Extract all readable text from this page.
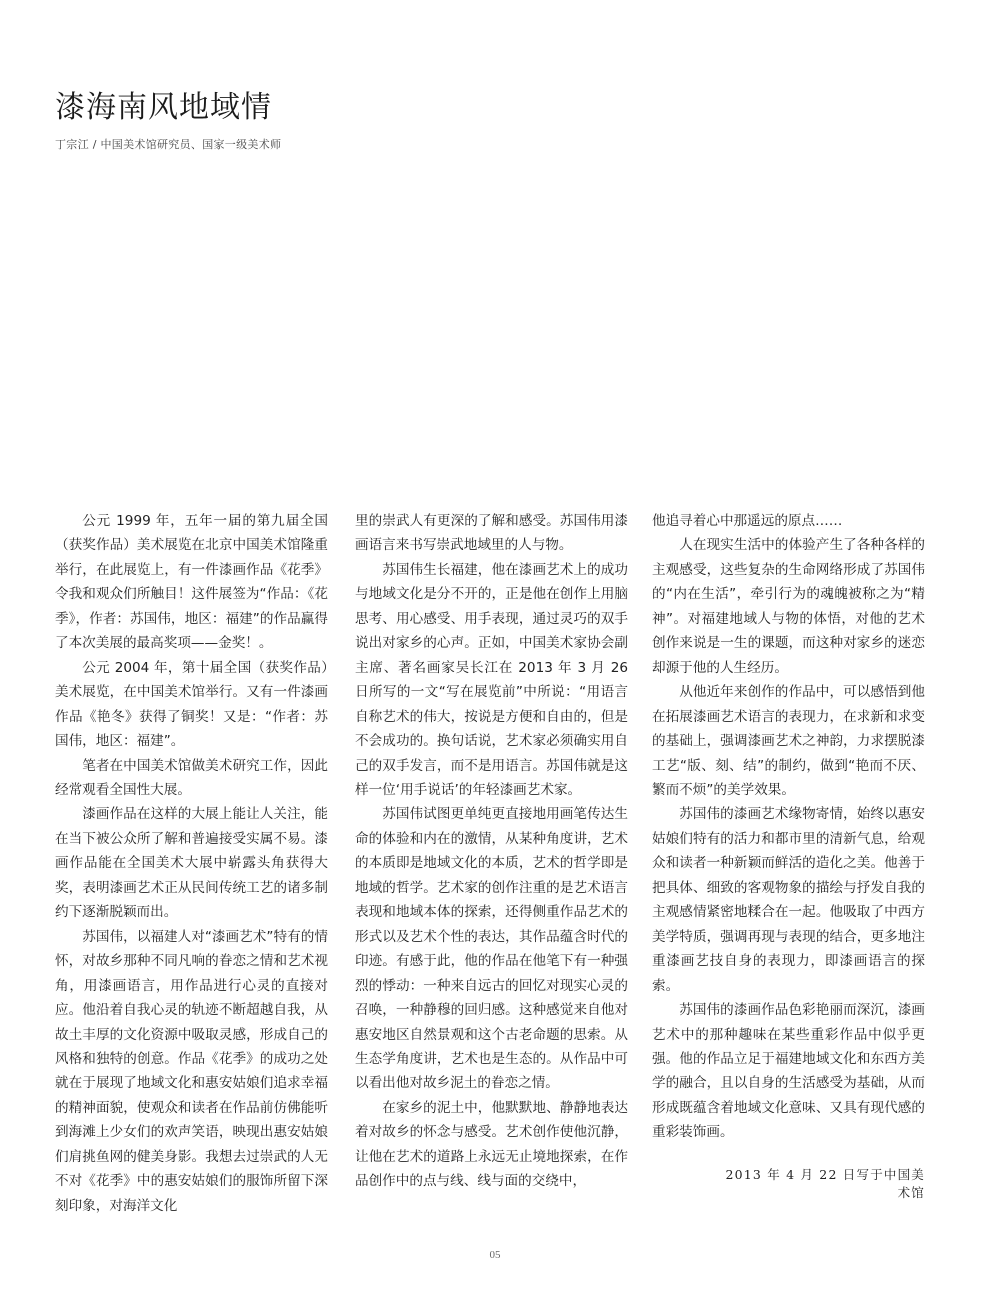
漆海南风地域情

丁宗江 / 中国美术馆研究员、国家一级美术师

公元 1999 年，五年一届的第九届全国（获奖作品）美术展览在北京中国美术馆隆重举行，在此展览上，有一件漆画作品《花季》令我和观众们所触目！这件展签为“作品：《花季》，作者：苏国伟，地区：福建”的作品赢得了本次美展的最高奖项——金奖！。

公元 2004 年，第十届全国（获奖作品）美术展览，在中国美术馆举行。又有一件漆画作品《艳冬》获得了铜奖！又是：“作者：苏国伟，地区：福建”。

笔者在中国美术馆做美术研究工作，因此经常观看全国性大展。

漆画作品在这样的大展上能让人关注，能在当下被公众所了解和普遍接受实属不易。漆画作品能在全国美术大展中崭露头角获得大奖，表明漆画艺术正从民间传统工艺的诸多制约下逐渐脱颖而出。

苏国伟，以福建人对“漆画艺术”特有的情怀，对故乡那种不同凡响的眷恋之情和艺术视角，用漆画语言，用作品进行心灵的直接对应。他沿着自我心灵的轨迹不断超越自我，从故土丰厚的文化资源中吸取灵感，形成自己的风格和独特的创意。作品《花季》的成功之处就在于展现了地域文化和惠安姑娘们追求幸福的精神面貌，使观众和读者在作品前仿佛能听到海滩上少女们的欢声笑语，映现出惠安姑娘们肩挑鱼网的健美身影。我想去过崇武的人无不对《花季》中的惠安姑娘们的服饰所留下深刻印象，对海洋文化

里的崇武人有更深的了解和感受。苏国伟用漆画语言来书写崇武地域里的人与物。

苏国伟生长福建，他在漆画艺术上的成功与地域文化是分不开的，正是他在创作上用脑思考、用心感受、用手表现，通过灵巧的双手说出对家乡的心声。正如，中国美术家协会副主席、著名画家吴长江在 2013 年 3 月 26 日所写的一文“写在展览前”中所说：“用语言自称艺术的伟大，按说是方便和自由的，但是不会成功的。换句话说，艺术家必须确实用自己的双手发言，而不是用语言。苏国伟就是这样一位‘用手说话’的年轻漆画艺术家。

苏国伟试图更单纯更直接地用画笔传达生命的体验和内在的激情，从某种角度讲，艺术的本质即是地域文化的本质，艺术的哲学即是地域的哲学。艺术家的创作注重的是艺术语言表现和地域本体的探索，还得侧重作品艺术的形式以及艺术个性的表达，其作品蕴含时代的印迹。有感于此，他的作品在他笔下有一种强烈的悸动：一种来自远古的回忆对现实心灵的召唤，一种静穆的回归感。这种感觉来自他对惠安地区自然景观和这个古老命题的思索。从生态学角度讲，艺术也是生态的。从作品中可以看出他对故乡泥土的眷恋之情。

在家乡的泥土中，他默默地、静静地表达着对故乡的怀念与感受。艺术创作使他沉静，让他在艺术的道路上永远无止境地探索，在作品创作中的点与线、线与面的交绕中，

他追寻着心中那遥远的原点……

人在现实生活中的体验产生了各种各样的主观感受，这些复杂的生命网络形成了苏国伟的“内在生活”，牵引行为的魂魄被称之为“精神”。对福建地域人与物的体悟，对他的艺术创作来说是一生的课题，而这种对家乡的迷恋却源于他的人生经历。

从他近年来创作的作品中，可以感悟到他在拓展漆画艺术语言的表现力，在求新和求变的基础上，强调漆画艺术之神韵，力求摆脱漆工艺“版、刻、结”的制约，做到“艳而不厌、繁而不烦”的美学效果。

苏国伟的漆画艺术缘物寄情，始终以惠安姑娘们特有的活力和都市里的清新气息，给观众和读者一种新颖而鲜活的造化之美。他善于把具体、细致的客观物象的描绘与抒发自我的主观感情紧密地糅合在一起。他吸取了中西方美学特质，强调再现与表现的结合，更多地注重漆画艺技自身的表现力，即漆画语言的探索。

苏国伟的漆画作品色彩艳丽而深沉，漆画艺术中的那种趣味在某些重彩作品中似乎更强。他的作品立足于福建地域文化和东西方美学的融合，且以自身的生活感受为基础，从而形成既蕴含着地域文化意味、又具有现代感的重彩装饰画。

2013 年 4 月 22 日写于中国美术馆
05
